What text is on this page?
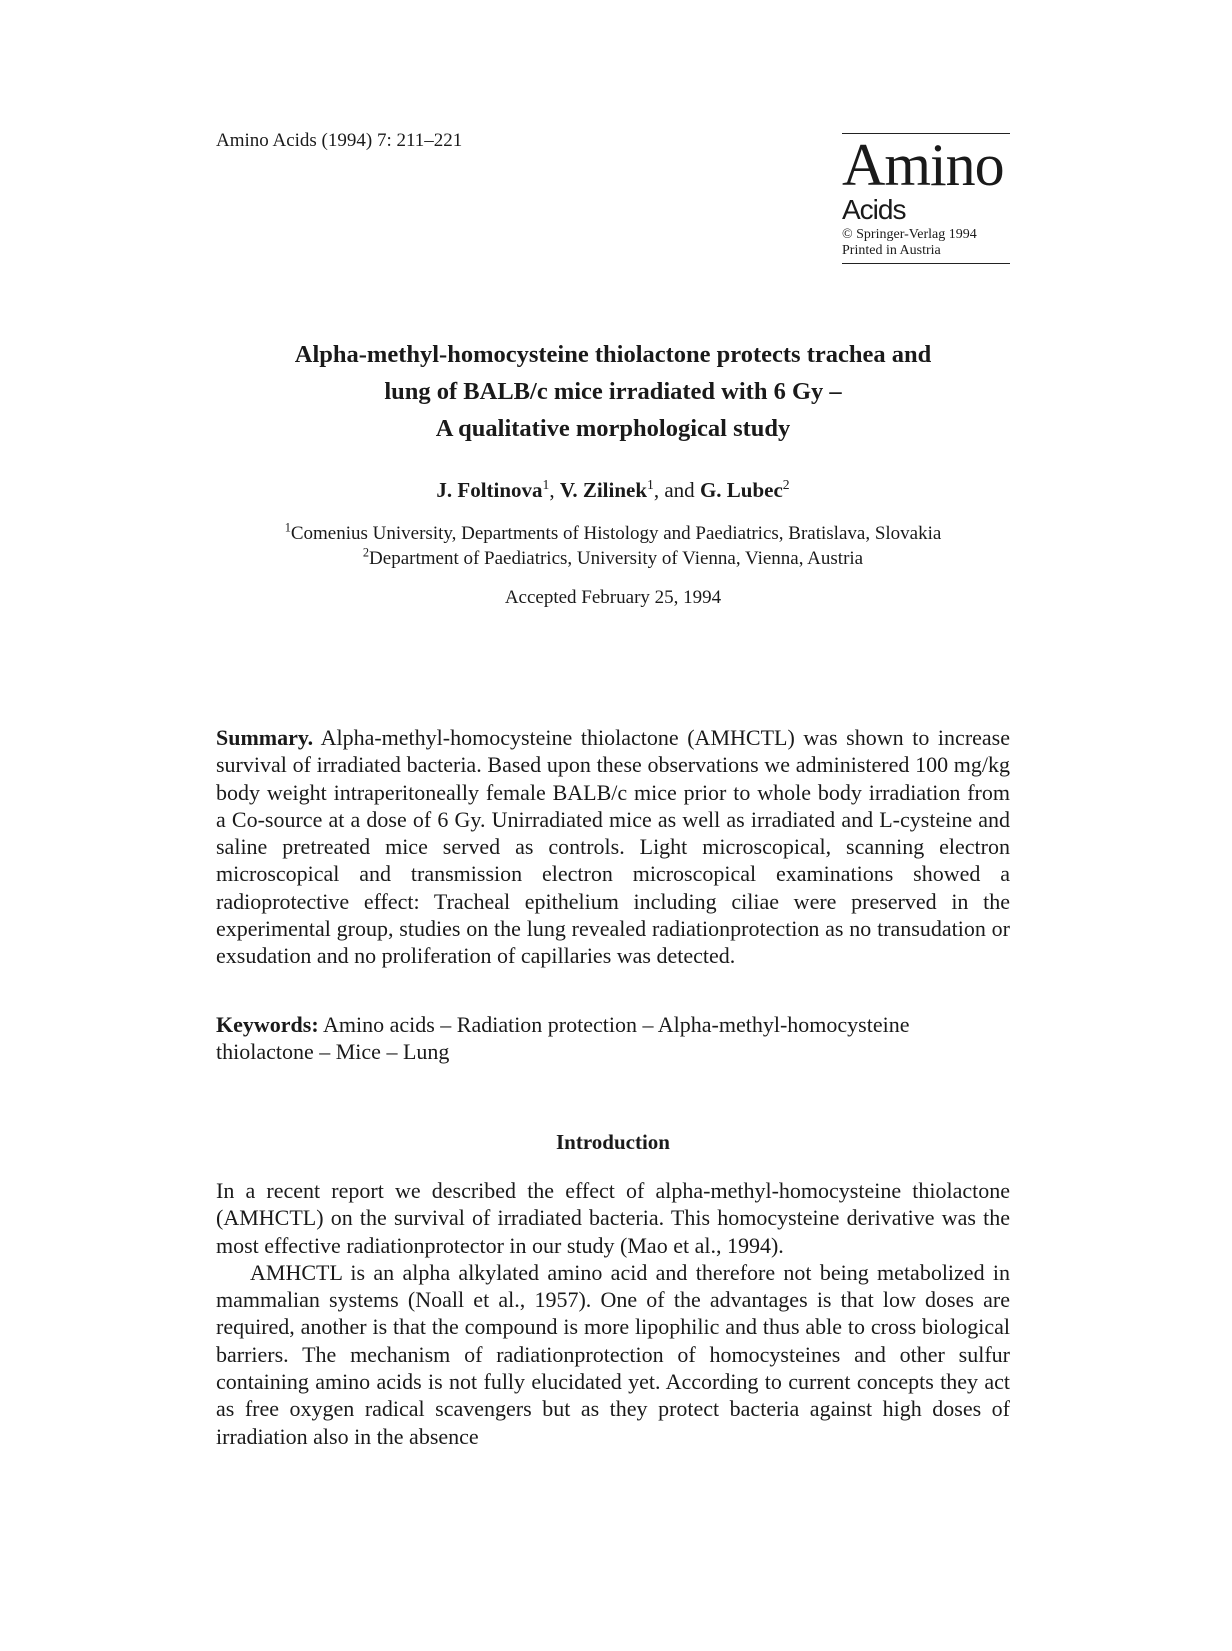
Amino Acids (1994) 7: 211–221	Amino
Acids
© Springer-Verlag 1994
Printed in Austria
Alpha-methyl-homocysteine thiolactone protects trachea and
lung of BALB/c mice irradiated with 6 Gy –
A qualitative morphological study
J. Foltinova$^1$, V. Zilinek$^1$, and G. Lubec$^2$
$^1$Comenius University, Departments of Histology and Paediatrics, Bratislava, Slovakia
$^2$Department of Paediatrics, University of Vienna, Vienna, Austria
Accepted February 25, 1994
Summary. Alpha-methyl-homocysteine thiolactone (AMHCTL) was shown to increase survival of irradiated bacteria. Based upon these observations we administered 100 mg/kg body weight intraperitoneally female BALB/c mice prior to whole body irradiation from a Co-source at a dose of 6 Gy. Unirradiated mice as well as irradiated and L-cysteine and saline pretreated mice served as controls. Light microscopical, scanning electron microscopical and transmission electron microscopical examinations showed a radioprotective effect: Tracheal epithelium including ciliae were preserved in the experimental group, studies on the lung revealed radiationprotection as no transudation or exsudation and no proliferation of capillaries was detected.
Keywords: Amino acids – Radiation protection – Alpha-methyl-homocysteine thiolactone – Mice – Lung
Introduction

In a recent report we described the effect of alpha-methyl-homocysteine thiolactone (AMHCTL) on the survival of irradiated bacteria. This homocysteine derivative was the most effective radiationprotector in our study (Mao et al., 1994).

AMHCTL is an alpha alkylated amino acid and therefore not being metabolized in mammalian systems (Noall et al., 1957). One of the advantages is that low doses are required, another is that the compound is more lipophilic and thus able to cross biological barriers. The mechanism of radiationprotection of homocysteines and other sulfur containing amino acids is not fully elucidated yet. According to current concepts they act as free oxygen radical scavengers but as they protect bacteria against high doses of irradiation also in the absence
